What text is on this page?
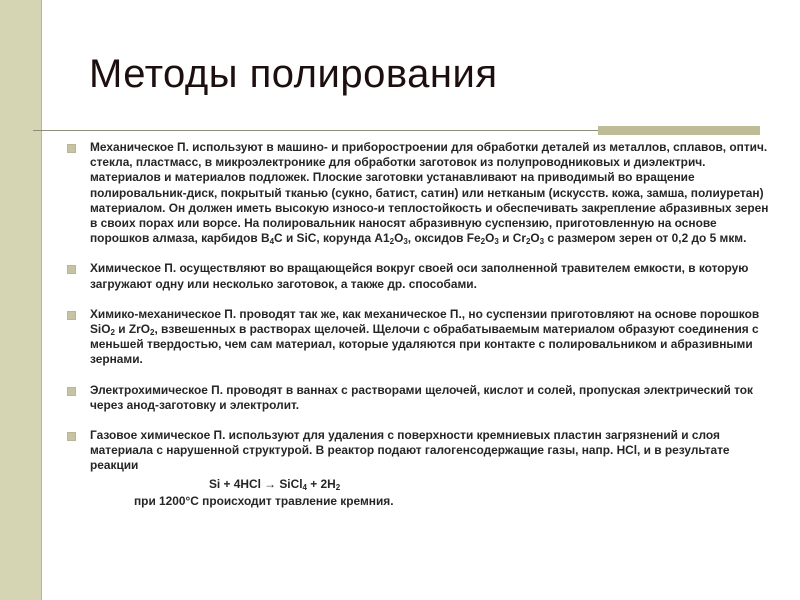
Методы полирования
Механическое П. используют в машино- и приборостроении для обработки деталей из металлов, сплавов, оптич. стекла, пластмасс, в микроэлектронике для обработки заготовок из полупроводниковых и диэлектрич. материалов и материалов подложек. Плоские заготовки устанавливают на приводимый во вращение полировальник-диск, покрытый тканью (сукно, батист, сатин) или нетканым (искусств. кожа, замша, полиуретан) материалом. Он должен иметь высокую износо-и теплостойкость и обеспечивать закрепление абразивных зерен в своих порах или ворсе. На полировальник наносят абразивную суспензию, приготовленную на основе порошков алмаза, карбидов $В_4C$ и SiC, корунда $A1_2O_3$, оксидов $Fe_2O_3$ и $Cr_2O_3$ с размером зерен от 0,2 до 5 мкм.
Химическое П. осуществляют во вращающейся вокруг своей оси заполненной травителем емкости, в которую загружают одну или несколько заготовок, а также др. способами.
Химико-механическое П. проводят так же, как механическое П., но суспензии приготовляют на основе порошков SiO$_2$ и ZrO$_2$, взвешенных в растворах щелочей. Щелочи с обрабатываемым материалом образуют соединения с меньшей твердостью, чем сам материал, которые удаляются при контакте с полировальником и абразивными зернами.
Электрохимическое П. проводят в ваннах с растворами щелочей, кислот и солей, пропуская электрический ток через анод-заготовку и электролит.
Газовое химическое П. используют для удаления с поверхности кремниевых пластин загрязнений и слоя материала с нарушенной структурой. В реактор подают галогенсодержащие газы, напр. HCl, и в результате реакции
Si + 4HCl → SiCl$_4$ + $2H_2$
при 1200°С происходит травление кремния.
